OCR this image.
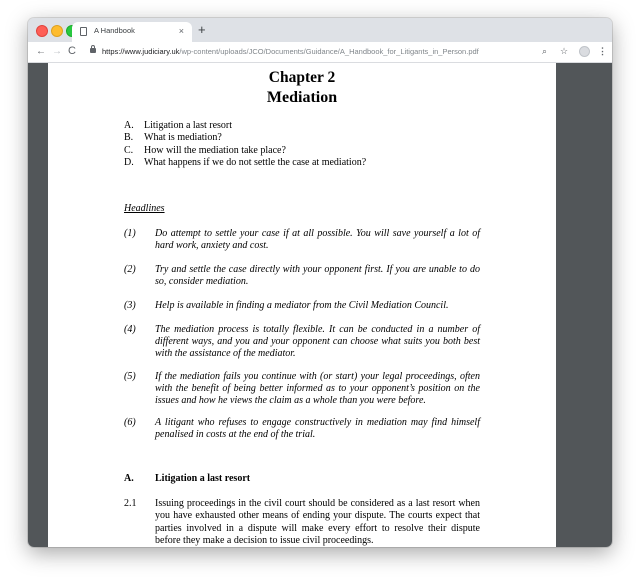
A Handbook	× +
← → C	https://www.judiciary.uk/wp-content/uploads/JCO/Documents/Guidance/A_Handbook_for_Litigants_in_Person.pdf	⌕ ☆	⋮
Chapter 2
Mediation
A. Litigation a last resort
B. What is mediation?
C. How will the mediation take place?
D. What happens if we do not settle the case at mediation?
Headlines
(1) Do attempt to settle your case if at all possible. You will save yourself a lot of hard work, anxiety and cost.
(2) Try and settle the case directly with your opponent first. If you are unable to do so, consider mediation.
(3) Help is available in finding a mediator from the Civil Mediation Council.
(4) The mediation process is totally flexible. It can be conducted in a number of different ways, and you and your opponent can choose what suits you both best with the assistance of the mediator.
(5) If the mediation fails you continue with (or start) your legal proceedings, often with the benefit of being better informed as to your opponent’s position on the issues and how he views the claim as a whole than you were before.
(6) A litigant who refuses to engage constructively in mediation may find himself penalised in costs at the end of the trial.
A. Litigation a last resort
2.1 Issuing proceedings in the civil court should be considered as a last resort when you have exhausted other means of ending your dispute. The courts expect that parties involved in a dispute will make every effort to resolve their dispute before they make a decision to issue civil proceedings.
